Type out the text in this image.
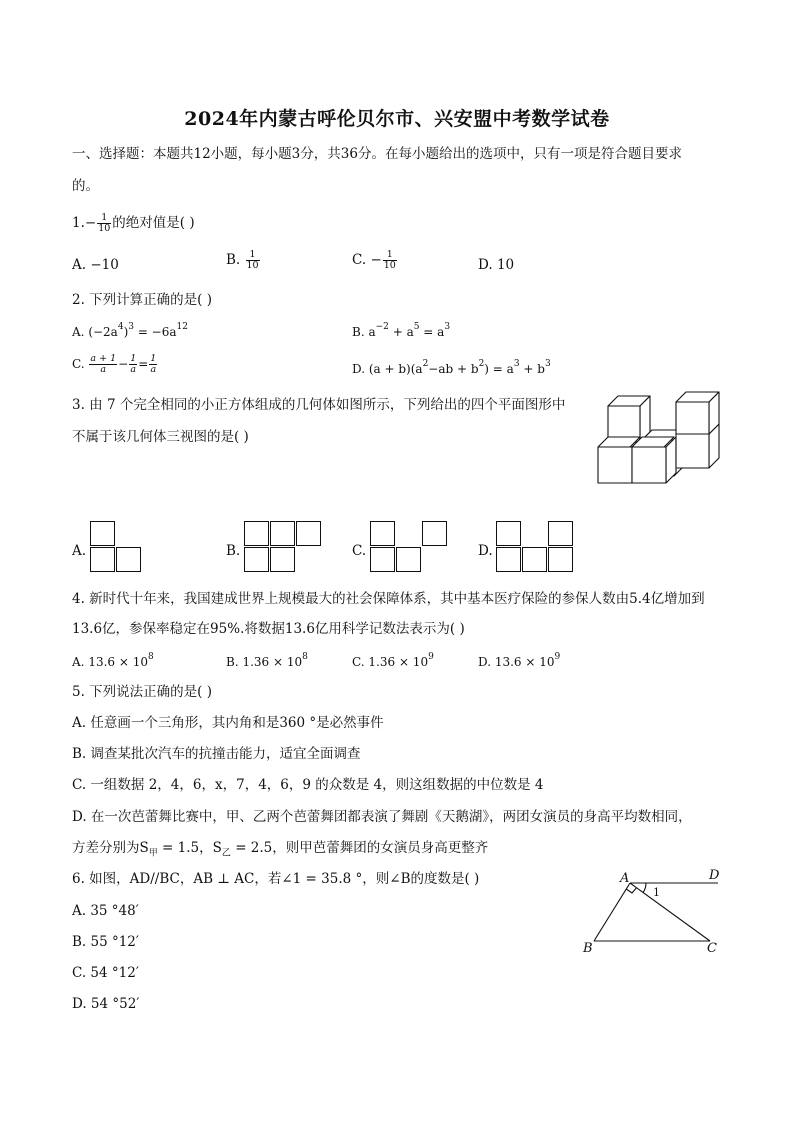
2024年内蒙古呼伦贝尔市、兴安盟中考数学试卷
一、选择题：本题共12小题，每小题3分，共36分。在每小题给出的选项中，只有一项是符合题目要求
的。
$1.- \frac{1}{10}$ 的绝对值是( )
A. −10	B. $\frac{1}{10}$	C. − $\frac{1}{10}$	D. 10
2. 下列计算正确的是( )
A. $(-2a^4)^3 = -6a^{12}$	B. $a^{-2} + a^5 = a^3$
C. $\frac{a + 1}{a} - \frac{1}{a} = \frac{1}{a}$	D. $(a + b)(a^2-ab + b^2) = a^3 + b^3$
3. 由 7 个完全相同的小正方体组成的几何体如图所示，下列给出的四个平面图形中
不属于该几何体三视图的是( )
A.	B.	C.	D.
4. 新时代十年来，我国建成世界上规模最大的社会保障体系，其中基本医疗保险的参保人数由5.4亿增加到
13.6亿，参保率稳定在95%.将数据13.6亿用科学记数法表示为( )
A. $13.6 \times 10^8$	B. $1.36 \times 10^8$	C. $1.36 \times 10^9$	D. $13.6 \times 10^9$
5. 下列说法正确的是( )
A. 任意画一个三角形，其内角和是360 °是必然事件
B. 调查某批次汽车的抗撞击能力，适宜全面调查
C. 一组数据 2，4，6，x，7，4，6，9 的众数是 4，则这组数据的中位数是 4
D. 在一次芭蕾舞比赛中，甲、乙两个芭蕾舞团都表演了舞剧《天鹅湖》，两团女演员的身高平均数相同，
方差分别为$S_甲 = 1.5$，$S_乙 = 2.5$，则甲芭蕾舞团的女演员身高更整齐
6. 如图，AD//BC，AB ⊥ AC，若∠1 = 35.8 °，则∠B的度数是( )
A. 35 °48′
B. 55 °12′
C. 54 °12′
D. 54 °52′
A	D
B	C
1
